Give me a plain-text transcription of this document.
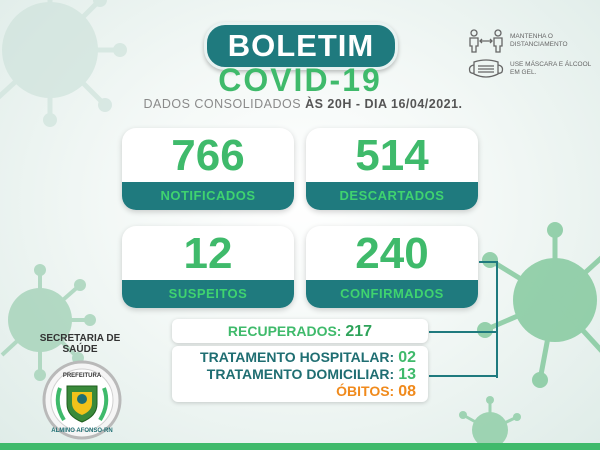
BOLETIM
COVID-19
DADOS CONSOLIDADOS ÀS 20H - DIA 16/04/2021.
MANTENHA O DISTANCIAMENTO
USE MÁSCARA E ÁLCOOL EM GEL.
766
NOTIFICADOS
514
DESCARTADOS
12
SUSPEITOS
240
CONFIRMADOS
RECUPERADOS: 217
TRATAMENTO HOSPITALAR: 02
TRATAMENTO DOMICILIAR: 13
ÓBITOS: 08
SECRETARIA DE SAÚDE
PREFEITURA
ALMINO AFONSO-RN
